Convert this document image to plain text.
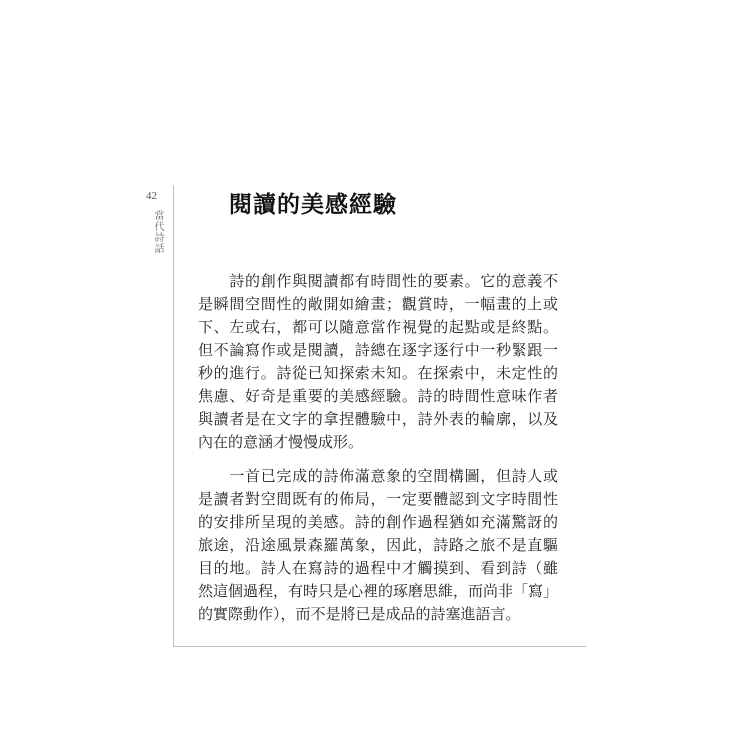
42
當代詩話
閱讀的美感經驗

　　詩的創作與閱讀都有時間性的要素。它的意義不
是瞬間空間性的敞開如繪畫；觀賞時，一幅畫的上或
下、左或右，都可以隨意當作視覺的起點或是終點。
但不論寫作或是閱讀，詩總在逐字逐行中一秒緊跟一
秒的進行。詩從已知探索未知。在探索中，未定性的
焦慮、好奇是重要的美感經驗。詩的時間性意味作者
與讀者是在文字的拿捏體驗中，詩外表的輪廓，以及
內在的意涵才慢慢成形。

　　一首已完成的詩佈滿意象的空間構圖，但詩人或
是讀者對空間既有的佈局，一定要體認到文字時間性
的安排所呈現的美感。詩的創作過程猶如充滿驚訝的
旅途，沿途風景森羅萬象，因此，詩路之旅不是直驅
目的地。詩人在寫詩的過程中才觸摸到、看到詩（雖
然這個過程，有時只是心裡的琢磨思維，而尚非「寫」
的實際動作），而不是將已是成品的詩塞進語言。
